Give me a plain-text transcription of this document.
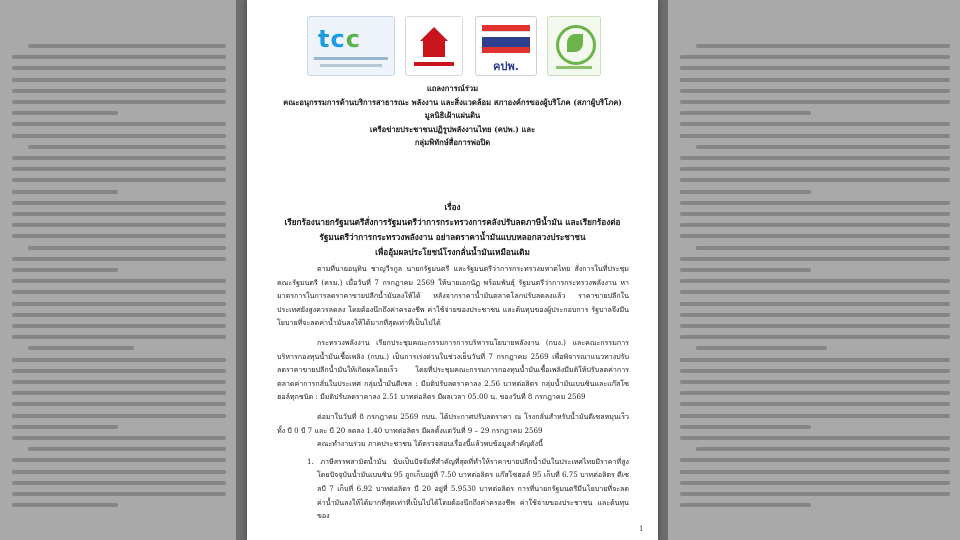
tcc
คปพ.
แถลงการณ์ร่วม
คณะอนุกรรมการด้านบริการสาธารณะ พลังงาน และสิ่งแวดล้อม สภาองค์กรของผู้บริโภค (สภาผู้บริโภค)
มูลนิธิเฝ้าแผ่นดิน
เครือข่ายประชาชนปฏิรูปพลังงานไทย (คปพ.) และ
กลุ่มพิทักษ์สื่อการพ่อปิด
เรื่อง
เรียกร้องนายกรัฐมนตรีสั่งการรัฐมนตรีว่าการกระทรวงการคลังปรับลดภาษีน้ำมัน และเรียกร้องต่อ
รัฐมนตรีว่าการกระทรวงพลังงาน อย่าลดราคาน้ำมันแบบหลอกลวงประชาชน
เพื่ออุ้มผลประโยชน์โรงกลั่นน้ำมันเหมือนเดิม

ตามที่นายอนุทิน ชาญวีรกูล นายกรัฐมนตรี และรัฐมนตรีว่าการกระทรวงมหาดไทย สั่งการในที่ประชุมคณะรัฐมนตรี (ครม.) เมื่อวันที่ 7 กรกฎาคม 2569 ให้นายเอกนัฏ พร้อมพันธุ์ รัฐมนตรีว่าการกระทรวงพลังงาน หามาตรการในการลดราคาขายปลีกน้ำมันลงให้ได้ หลังจากราคาน้ำมันตลาดโลกปรับลดลงแล้ว ราคาขายปลีกในประเทศยังสูงควรลดลง โดยต้องนึกถึงค่าครองชีพ ค่าใช้จ่ายของประชาชน และต้นทุนของผู้ประกอบการ รัฐบาลจึงมีนโยบายที่จะลดค่าน้ำมันลงให้ได้มากที่สุดเท่าที่เป็นไปได้

กระทรวงพลังงาน เรียกประชุมคณะกรรมการการบริหารนโยบายพลังงาน (กบง.) และคณะกรรมการบริหารกองทุนน้ำมันเชื้อเพลิง (กบน.) เป็นการเร่งด่วนในช่วงเย็นวันที่ 7 กรกฎาคม 2569 เพื่อพิจารณาแนวทางปรับลดราคาขายปลีกน้ำมันให้เกิดผลโดยเร็ว โดยที่ประชุมคณะกรรมการกองทุนน้ำมันเชื้อเพลิงมีมติให้ปรับลดค่าการตลาดค่าการกลั่นในประเทศ กลุ่มน้ำมันดีเซล : มีมติปรับลดราคาลง 2.56 บาทต่อลิตร กลุ่มน้ำมันเบนซินและแก๊สโซฮอล์ทุกชนิด : มีมติปรับลดราคาลง 2.51 บาทต่อลิตร มีผลเวลา 05.00 น. ของวันที่ 8 กรกฎาคม 2569

ต่อมาในวันที่ 8 กรกฎาคม 2569 กบน. ได้ประกาศปรับลดราคา ณ โรงกลั่นสำหรับน้ำมันดีเซลหมุนเร็ว ทั้ง บี 0 บี 7 และ บี 20 ลดลง 1.40 บาทต่อลิตร มีผลตั้งแต่วันที่ 9 – 29 กรกฎาคม 2569

คณะทำงานร่วม ภาคประชาชน ได้ตรวจสอบเรื่องนี้แล้วพบข้อมูลสำคัญดังนี้

1. ภาษีสรรพสามิตน้ำมัน นับเป็นปัจจัยที่สำคัญที่สุดที่ทำให้ราคาขายปลีกน้ำมันในประเทศไทยมีราคาที่สูงโดยปัจจุบันน้ำมันเบนซิน 95 ถูกเก็บอยู่ที่ 7.50 บาทต่อลิตร แก๊สโซฮอล์ 95 เก็บที่ 6.75 บาทต่อลิตร ดีเซลบี 7 เก็บที่ 6.92 บาทต่อลิตร บี 20 อยู่ที่ 5.9530 บาทต่อลิตร การที่นายกรัฐมนตรีมีนโยบายที่จะลดค่าน้ำมันลงให้ได้มากที่สุดเท่าที่เป็นไปได้โดยต้องนึกถึงค่าครองชีพ ค่าใช้จ่ายของประชาชน และต้นทุนของ

1
